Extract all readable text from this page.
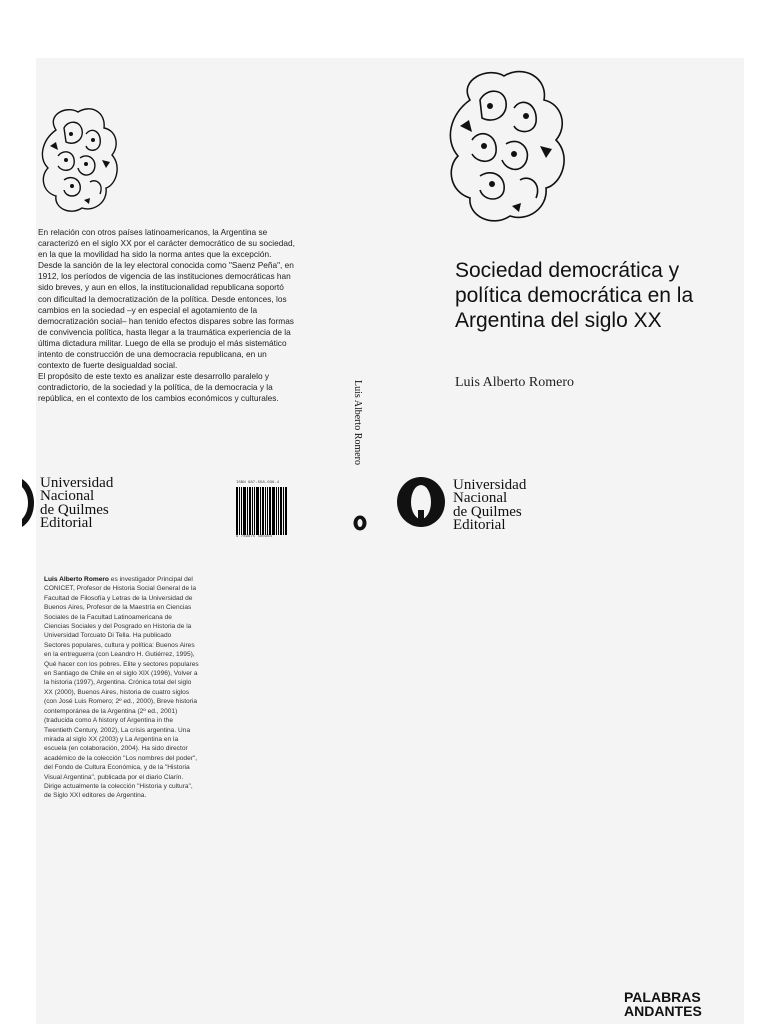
En relación con otros países latinoamericanos, la Argentina se caracterizó en el siglo XX por el carácter democrático de su sociedad, en la que la movilidad ha sido la norma antes que la excepción. Desde la sanción de la ley electoral conocida como "Saenz Peña", en 1912, los períodos de vigencia de las instituciones democráticas han sido breves, y aun en ellos, la institucionalidad republicana soportó con dificultad la democratización de la política. Desde entonces, los cambios en la sociedad –y en especial el agotamiento de la democratización social– han tenido efectos dispares sobre las formas de convivencia política, hasta llegar a la traumática experiencia de la última dictadura militar. Luego de ella se produjo el más sistemático intento de construcción de una democracia republicana, en un contexto de fuerte desigualdad social.

El propósito de este texto es analizar este desarrollo paralelo y contradictorio, de la sociedad y la política, de la democracia y la república, en el contexto de los cambios económicos y culturales.

Universidad
Nacional
de Quilmes
Editorial
ISBN 987-558-036-4
9 789875 580364
Luis Alberto Romero
Sociedad democrática y política democrática en la Argentina del siglo XX
Luis Alberto Romero
Universidad
Nacional
de Quilmes
Editorial
Luis Alberto Romero es investigador Principal del CONICET, Profesor de Historia Social General de la Facultad de Filosofía y Letras de la Universidad de Buenos Aires, Profesor de la Maestría en Ciencias Sociales de la Facultad Latinoamericana de Ciencias Sociales y del Posgrado en Historia de la Universidad Torcuato Di Tella. Ha publicado Sectores populares, cultura y política: Buenos Aires en la entreguerra (con Leandro H. Gutiérrez, 1995), Qué hacer con los pobres. Elite y sectores populares en Santiago de Chile en el siglo XIX (1996), Volver a la historia (1997), Argentina. Crónica total del siglo XX (2000), Buenos Aires, historia de cuatro siglos (con José Luis Romero; 2º ed., 2000), Breve historia contemporánea de la Argentina (2º ed., 2001) (traducida como A history of Argentina in the Twentieth Century, 2002), La crisis argentina. Una mirada al siglo XX (2003) y La Argentina en la escuela (en colaboración, 2004). Ha sido director académico de la colección "Los nombres del poder", del Fondo de Cultura Económica, y de la "Historia Visual Argentina", publicada por el diario Clarín. Dirige actualmente la colección "Historia y cultura", de Siglo XXI editores de Argentina.
PALABRAS
ANDANTES
